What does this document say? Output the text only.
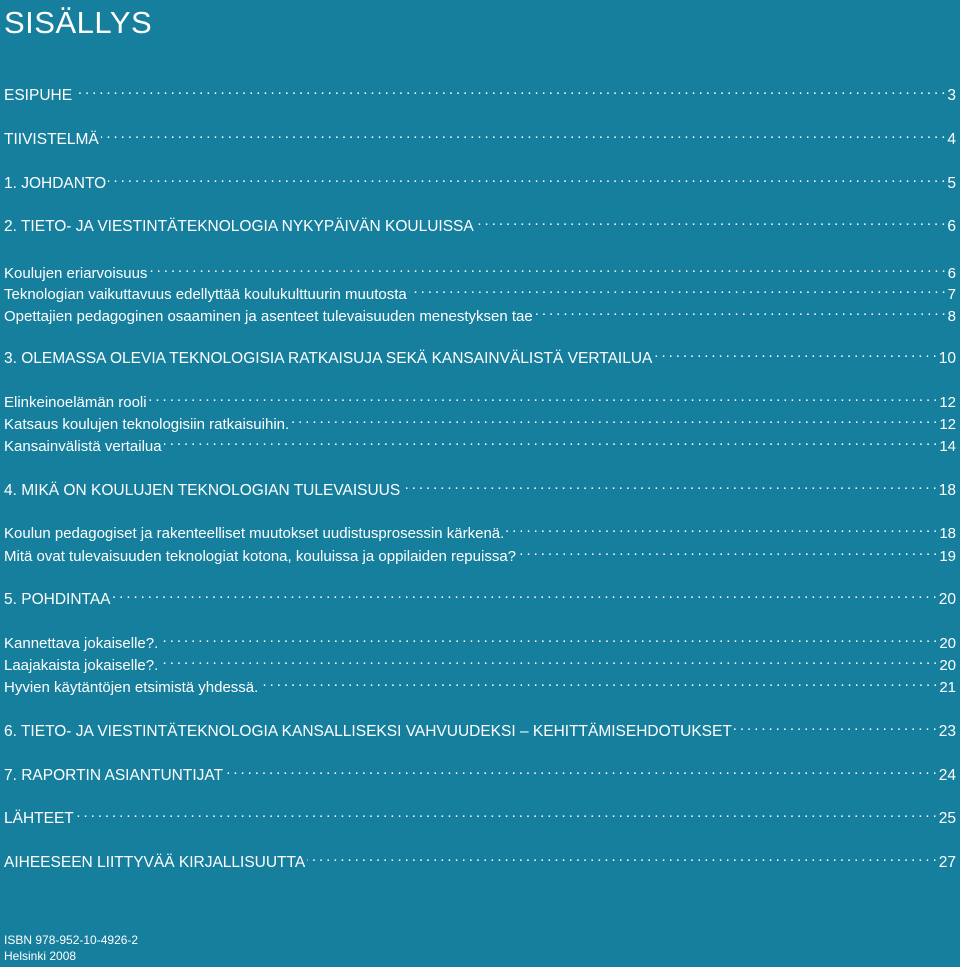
SISÄLLYS
ESIPUHE . . .	3
TIIVISTELMÄ . . .	4
1. JOHDANTO . . .	5
2. TIETO- JA VIESTINTÄTEKNOLOGIA NYKYPÄIVÄN KOULUISSA . . .	6
Koulujen eriarvoisuus . . .	6
Teknologian vaikuttavuus edellyttää koulukulttuurin muutosta . . .	7
Opettajien pedagoginen osaaminen ja asenteet tulevaisuuden menestyksen tae . . .	8
3. OLEMASSA OLEVIA TEKNOLOGISIA RATKAISUJA SEKÄ KANSAINVÄLISTÄ VERTAILUA . . .	10
Elinkeinoelämän rooli . . .	12
Katsaus koulujen teknologisiin ratkaisuihin. . . .	12
Kansainvälistä vertailua . . .	14
4. MIKÄ ON KOULUJEN TEKNOLOGIAN TULEVAISUUS . . .	18
Koulun pedagogiset ja rakenteelliset muutokset uudistusprosessin kärkenä. . . .	18
Mitä ovat tulevaisuuden teknologiat kotona, kouluissa ja oppilaiden repuissa? . . .	19
5. POHDINTAA . . .	20
Kannettava jokaiselle?. . . .	20
Laajakaista jokaiselle?. . . .	20
Hyvien käytäntöjen etsimistä yhdessä. . . .	21
6. TIETO- JA VIESTINTÄTEKNOLOGIA KANSALLISEKSI VAHVUUDEKSI – KEHITTÄMISEHDOTUKSET . . .	23
7. RAPORTIN ASIANTUNTIJAT . . .	24
LÄHTEET . . .	25
AIHEESEEN LIITTYVÄÄ KIRJALLISUUTTA . . .	27
ISBN 978-952-10-4926-2
Helsinki 2008
